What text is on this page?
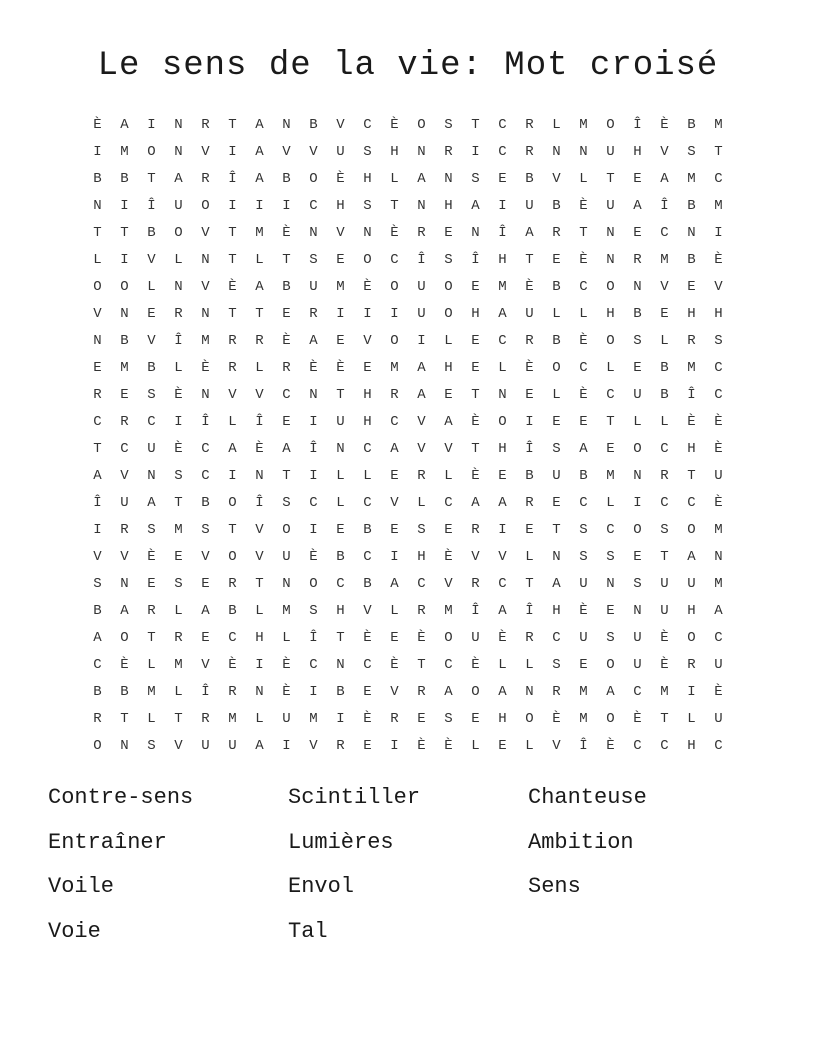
Le sens de la vie: Mot croisé
È	A	I	N	R	T	A	N	B	V	C	È	O	S	T	C	R	L	M	O	Î	È	B	M
I	M	O	N	V	I	A	V	V	U	S	H	N	R	I	C	R	N	N	U	H	V	S	T
B	B	T	A	R	Î	A	B	O	È	H	L	A	N	S	E	B	V	L	T	E	A	M	C
N	I	Î	U	O	I	I	I	C	H	S	T	N	H	A	I	U	B	È	U	A	Î	B	M
T	T	B	O	V	T	M	È	N	V	N	È	R	E	N	Î	A	R	T	N	E	C	N	I
L	I	V	L	N	T	L	T	S	E	O	C	Î	S	Î	H	T	E	È	N	R	M	B	È
O	O	L	N	V	È	A	B	U	M	È	O	U	O	E	M	È	B	C	O	N	V	E	V
V	N	E	R	N	T	T	E	R	I	I	I	U	O	H	A	U	L	L	H	B	E	H	H
N	B	V	Î	M	R	R	È	A	E	V	O	I	L	E	C	R	B	È	O	S	L	R	S
E	M	B	L	È	R	L	R	È	È	E	M	A	H	E	L	È	O	C	L	E	B	M	C
R	E	S	È	N	V	V	C	N	T	H	R	A	E	T	N	E	L	È	C	U	B	Î	C
C	R	C	I	Î	L	Î	E	I	U	H	C	V	A	È	O	I	E	E	T	L	L	È	È
T	C	U	È	C	A	È	A	Î	N	C	A	V	V	T	H	Î	S	A	E	O	C	H	È
A	V	N	S	C	I	N	T	I	L	L	E	R	L	È	E	B	U	B	M	N	R	T	U
Î	U	A	T	B	O	Î	S	C	L	C	V	L	C	A	A	R	E	C	L	I	C	C	È
I	R	S	M	S	T	V	O	I	E	B	E	S	E	R	I	E	T	S	C	O	S	O	M
V	V	È	E	V	O	V	U	È	B	C	I	H	È	V	V	L	N	S	S	E	T	A	N
S	N	E	S	E	R	T	N	O	C	B	A	C	V	R	C	T	A	U	N	S	U	U	M
B	A	R	L	A	B	L	M	S	H	V	L	R	M	Î	A	Î	H	È	E	N	U	H	A
A	O	T	R	E	C	H	L	Î	T	È	E	È	O	U	È	R	C	U	S	U	È	O	C
C	È	L	M	V	È	I	È	C	N	C	È	T	C	È	L	L	S	E	O	U	È	R	U
B	B	M	L	Î	R	N	È	I	B	E	V	R	A	O	A	N	R	M	A	C	M	I	È
R	T	L	T	R	M	L	U	M	I	È	R	E	S	E	H	O	È	M	O	È	T	L	U
O	N	S	V	U	U	A	I	V	R	E	I	È	È	L	E	L	V	Î	È	C	C	H	C
Contre-sens	Scintiller	Chanteuse
Entraîner	Lumières	Ambition
Voile	Envol	Sens
Voie	Tal
